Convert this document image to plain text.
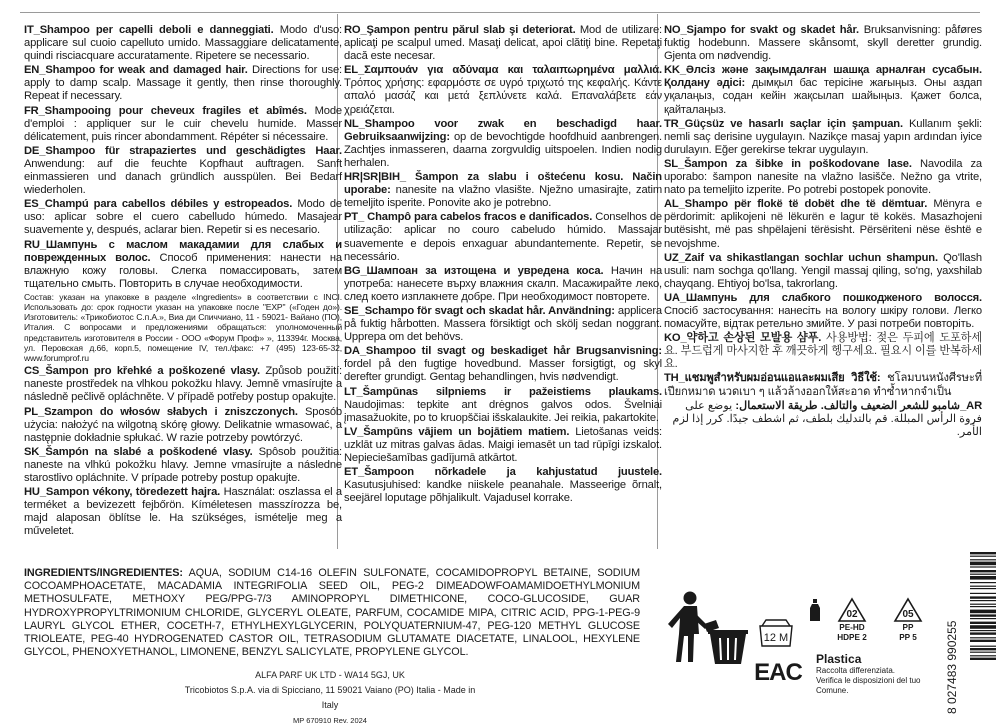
IT_Shampoo per capelli deboli e danneggiati. Modo d'uso: applicare sul cuoio capelluto umido. Massaggiare delicatamente, quindi risciacquare accuratamente. Ripetere se necessario.
EN_Shampoo for weak and damaged hair. Directions for use: apply to damp scalp. Massage it gently, then rinse thoroughly. Repeat if necessary.
FR_Shampooing pour cheveux fragiles et abîmés. Mode d'emploi : appliquer sur le cuir chevelu humide. Masser délicatement, puis rincer abondamment. Répéter si nécessaire.
DE_Shampoo für strapaziertes und geschädigtes Haar. Anwendung: auf die feuchte Kopfhaut auftragen. Sanft einmassieren und danach gründlich ausspülen. Bei Bedarf wiederholen.
ES_Champú para cabellos débiles y estropeados. Modo de uso: aplicar sobre el cuero cabelludo húmedo. Masajear suavemente y, después, aclarar bien. Repetir si es necesario.
RU_Шампунь с маслом макадамии для слабых и поврежденных волос. Способ применения: нанести на влажную кожу головы. Слегка помассировать, затем тщательно смыть. Повторить в случае необходимости.
Состав: указан на упаковке в разделе «Ingredients» в соответствии с INCI. Использовать до: срок годности указан на упаковке после "EXP" («Годен до»). Изготовитель: «Трикобиотос С.п.А.», Виа ди Спиччиано, 11 - 59021- Вайано (ПО), Италия. С вопросами и предложениями обращаться: уполномоченный представитель изготовителя в России - ООО «Форум Проф» », 113394г. Москва, ул. Перовская д.66, корп.5, помещение IV, тел./факс: +7 (495) 123-65-32, www.forumprof.ru
CS_Šampon pro křehké a poškozené vlasy. Způsob použití: naneste prostředek na vlhkou pokožku hlavy. Jemně vmasírujte a následně pečlivě opláchněte. V případě potřeby postup opakujte.
PL_Szampon do włosów słabych i zniszczonych. Sposób użycia: nałożyć na wilgotną skórę głowy. Delikatnie wmasować, a następnie dokładnie spłukać. W razie potrzeby powtórzyć.
SK_Šampón na slabé a poškodené vlasy. Spôsob použitia: naneste na vlhkú pokožku hlavy. Jemne vmasírujte a následne starostlivo opláchnite. V prípade potreby postup opakujte.
HU_Sampon vékony, töredezett hajra. Használat: oszlassa el a terméket a bevizezett fejbőrön. Kíméletesen masszírozza be, majd alaposan öblítse le. Ha szükséges, ismételje meg a műveletet.
RO_Şampon pentru părul slab şi deteriorat. Mod de utilizare: aplicaţi pe scalpul umed. Masaţi delicat, apoi clătiţi bine. Repetaţi dacă este necesar.
EL_Σαμπουάν για αδύναμα και ταλαιπωρημένα μαλλιά. Τρόπος χρήσης: εφαρμόστε σε υγρό τριχωτό της κεφαλής. Κάντε απαλό μασάζ και μετά ξεπλύνετε καλά. Επαναλάβετε εάν χρειάζεται.
NL_Shampoo voor zwak en beschadigd haar. Gebruiksaanwijzing: op de bevochtigde hoofdhuid aanbrengen. Zachtjes inmasseren, daarna zorgvuldig uitspoelen. Indien nodig herhalen.
HR|SR|BIH_ Šampon za slabu i oštećenu kosu. Način uporabe: nanesite na vlažno vlasište. Nježno umasirajte, zatim temeljito isperite. Ponovite ako je potrebno.
PT_ Champô para cabelos fracos e danificados. Conselhos de utilização: aplicar no couro cabeludo húmido. Massajar suavemente e depois enxaguar abundantemente. Repetir, se necessário.
BG_Шампоан за изтощена и увредена коса. Начин на употреба: нанесете върху влажния скалп. Масажирайте леко, след което изплакнете добре. При необходимост повторете.
SE_Schampo för svagt och skadat hår. Användning: applicera på fuktig hårbotten. Massera försiktigt och skölj sedan noggrant. Upprepa om det behövs.
DA_Shampoo til svagt og beskadiget hår Brugsanvisning: fordel på den fugtige hovedbund. Masser forsigtigt, og skyl derefter grundigt. Gentag behandlingen, hvis nødvendigt.
LT_Šampūnas silpniems ir pažeistiems plaukams. Naudojimas: tepkite ant drėgnos galvos odos. Švelniai įmasažuokite, po to kruopščiai išskalaukite. Jei reikia, pakartokite.
LV_Šampūns vājiem un bojātiem matiem. Lietošanas veids: uzklāt uz mitras galvas ādas. Maigi iemasēt un tad rūpīgi izskalot. Nepieciešamības gadījumā atkārtot.
ET_Šampoon nõrkadele ja kahjustatud juustele. Kasutusjuhised: kandke niiskele peanahale. Masseerige õrnalt, seejärel loputage põhjalikult. Vajadusel korrake.
NO_Sjampo for svakt og skadet hår. Bruksanvisning: påføres fuktig hodebunn. Massere skånsomt, skyll deretter grundig. Gjenta om nødvendig.
KK_Әлсіз және зақымдалған шашқа арналған сусабын. Қолдану әдісі: дымқыл бас терісіне жағыңыз. Оны аздап уқалаңыз, содан кейін жақсылап шайыңыз. Қажет болса, қайталаңыз.
TR_Güçsüz ve hasarlı saçlar için şampuan. Kullanım şekli: nemli saç derisine uygulayın. Nazikçe masaj yapın ardından iyice durulayın. Eğer gerekirse tekrar uygulayın.
SL_Šampon za šibke in poškodovane lase. Navodila za uporabo: šampon nanesite na vlažno lasišče. Nežno ga vtrite, nato pa temeljito izperite. Po potrebi postopek ponovite.
AL_Shampo për flokë të dobët dhe të dëmtuar. Mënyra e përdorimit: aplikojeni në lëkurën e lagur të kokës. Masazhojeni butësisht, më pas shpëlajeni tërësisht. Përsëriteni nëse është e nevojshme.
UZ_Zaif va shikastlangan sochlar uchun shampun. Qo'llash usuli: nam sochga qo'llang. Yengil massaj qiling, so'ng, yaxshilab chayqang. Ehtiyoj bo'lsa, takrorlang.
UA_Шампунь для слабкого пошкодженого волосся. Спосіб застосування: нанесіть на вологу шкіру голови. Легко помасуйте, відтак ретельно змийте. У разі потреби повторіть.
KO_약하고 손상된 모발용 샴푸. 사용방법: 젖은 두피에 도포하세요. 부드럽게 마사지한 후 깨끗하게 헹구세요. 필요시 이를 반복하세요.
TH_แชมพูสำหรับผมอ่อนแอและผมเสีย วิธีใช้: ชโลมบนหนังศีรษะที่เปียกหมาด นวดเบา ๆ แล้วล้างออกให้สะอาด ทำซ้ำหากจำเป็น
AR_شامبو للشعر الضعيف والتالف. طريقة الاستعمال: يوضع على فروة الرأس المبللة. قم بالتدليك بلطف، ثم اشطف جيدًا. كرر إذا لزم الأمر.
INGREDIENTS/INGREDIENTES: AQUA, SODIUM C14-16 OLEFIN SULFONATE, COCAMIDOPROPYL BETAINE, SODIUM COCOAMPHOACETATE, MACADAMIA INTEGRIFOLIA SEED OIL, PEG-2 DIMEADOWFOAMAMIDOETHYLMONIUM METHOSULFATE, METHOXY PEG/PPG-7/3 AMINOPROPYL DIMETHICONE, COCO-GLUCOSIDE, GUAR HYDROXYPROPYLTRIMONIUM CHLORIDE, GLYCERYL OLEATE, PARFUM, COCAMIDE MIPA, CITRIC ACID, PPG-1-PEG-9 LAURYL GLYCOL ETHER, COCETH-7, ETHYLHEXYLGLYCERIN, POLYQUATERNIUM-47, PEG-120 METHYL GLUCOSE TRIOLEATE, PEG-40 HYDROGENATED CASTOR OIL, TETRASODIUM GLUTAMATE DIACETATE, LINALOOL, HEXYLENE GLYCOL, PHENOXYETHANOL, LIMONENE, BENZYL SALICYLATE, PROPYLENE GLYCOL.
ALFA PARF UK LTD - WA14 5GJ, UK
Tricobiotos S.p.A. via di Spicciano, 11 59021 Vaiano (PO) Italia - Made in Italy
MP 670910 Rev. 2024
12 M
EAC
02
PE-HD
HDPE 2
05
PP
PP 5
Plastica
Raccolta differenziata.
Verifica le disposizioni del tuo Comune.	8 027483 990255
